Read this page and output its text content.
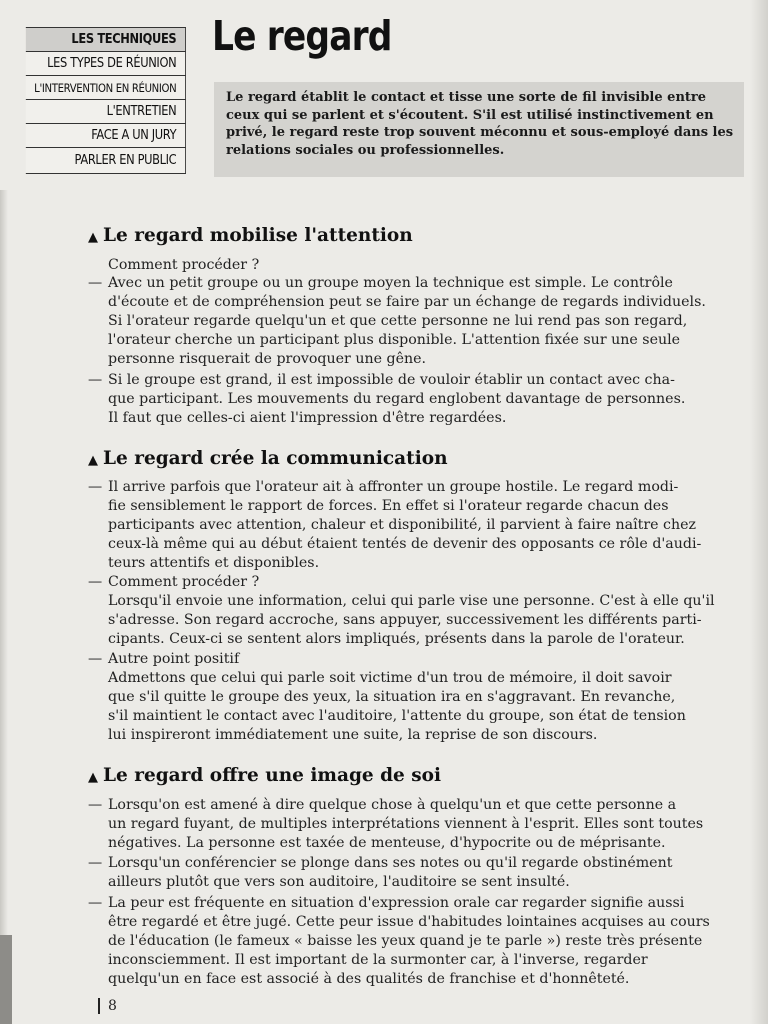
LES TECHNIQUES
LES TYPES DE RÉUNION
L'INTERVENTION EN RÉUNION
L'ENTRETIEN
FACE A UN JURY
PARLER EN PUBLIC
Le regard
Le regard établit le contact et tisse une sorte de fil invisible entre ceux qui se parlent et s'écoutent. S'il est utilisé instinctivement en privé, le regard reste trop souvent méconnu et sous-employé dans les relations sociales ou professionnelles.
▲ Le regard mobilise l'attention
Comment procéder ?
— Avec un petit groupe ou un groupe moyen la technique est simple. Le contrôle
d'écoute et de compréhension peut se faire par un échange de regards individuels.
Si l'orateur regarde quelqu'un et que cette personne ne lui rend pas son regard,
l'orateur cherche un participant plus disponible. L'attention fixée sur une seule
personne risquerait de provoquer une gêne.
— Si le groupe est grand, il est impossible de vouloir établir un contact avec cha-
que participant. Les mouvements du regard englobent davantage de personnes.
Il faut que celles-ci aient l'impression d'être regardées.
▲ Le regard crée la communication
— Il arrive parfois que l'orateur ait à affronter un groupe hostile. Le regard modi-
fie sensiblement le rapport de forces. En effet si l'orateur regarde chacun des
participants avec attention, chaleur et disponibilité, il parvient à faire naître chez
ceux-là même qui au début étaient tentés de devenir des opposants ce rôle d'audi-
teurs attentifs et disponibles.
— Comment procéder ?
Lorsqu'il envoie une information, celui qui parle vise une personne. C'est à elle qu'il
s'adresse. Son regard accroche, sans appuyer, successivement les différents parti-
cipants. Ceux-ci se sentent alors impliqués, présents dans la parole de l'orateur.
— Autre point positif
Admettons que celui qui parle soit victime d'un trou de mémoire, il doit savoir
que s'il quitte le groupe des yeux, la situation ira en s'aggravant. En revanche,
s'il maintient le contact avec l'auditoire, l'attente du groupe, son état de tension
lui inspireront immédiatement une suite, la reprise de son discours.
▲ Le regard offre une image de soi
— Lorsqu'on est amené à dire quelque chose à quelqu'un et que cette personne a
un regard fuyant, de multiples interprétations viennent à l'esprit. Elles sont toutes
négatives. La personne est taxée de menteuse, d'hypocrite ou de méprisante.
— Lorsqu'un conférencier se plonge dans ses notes ou qu'il regarde obstinément
ailleurs plutôt que vers son auditoire, l'auditoire se sent insulté.
— La peur est fréquente en situation d'expression orale car regarder signifie aussi
être regardé et être jugé. Cette peur issue d'habitudes lointaines acquises au cours
de l'éducation (le fameux « baisse les yeux quand je te parle ») reste très présente
inconsciemment. Il est important de la surmonter car, à l'inverse, regarder
quelqu'un en face est associé à des qualités de franchise et d'honnêteté.
8
